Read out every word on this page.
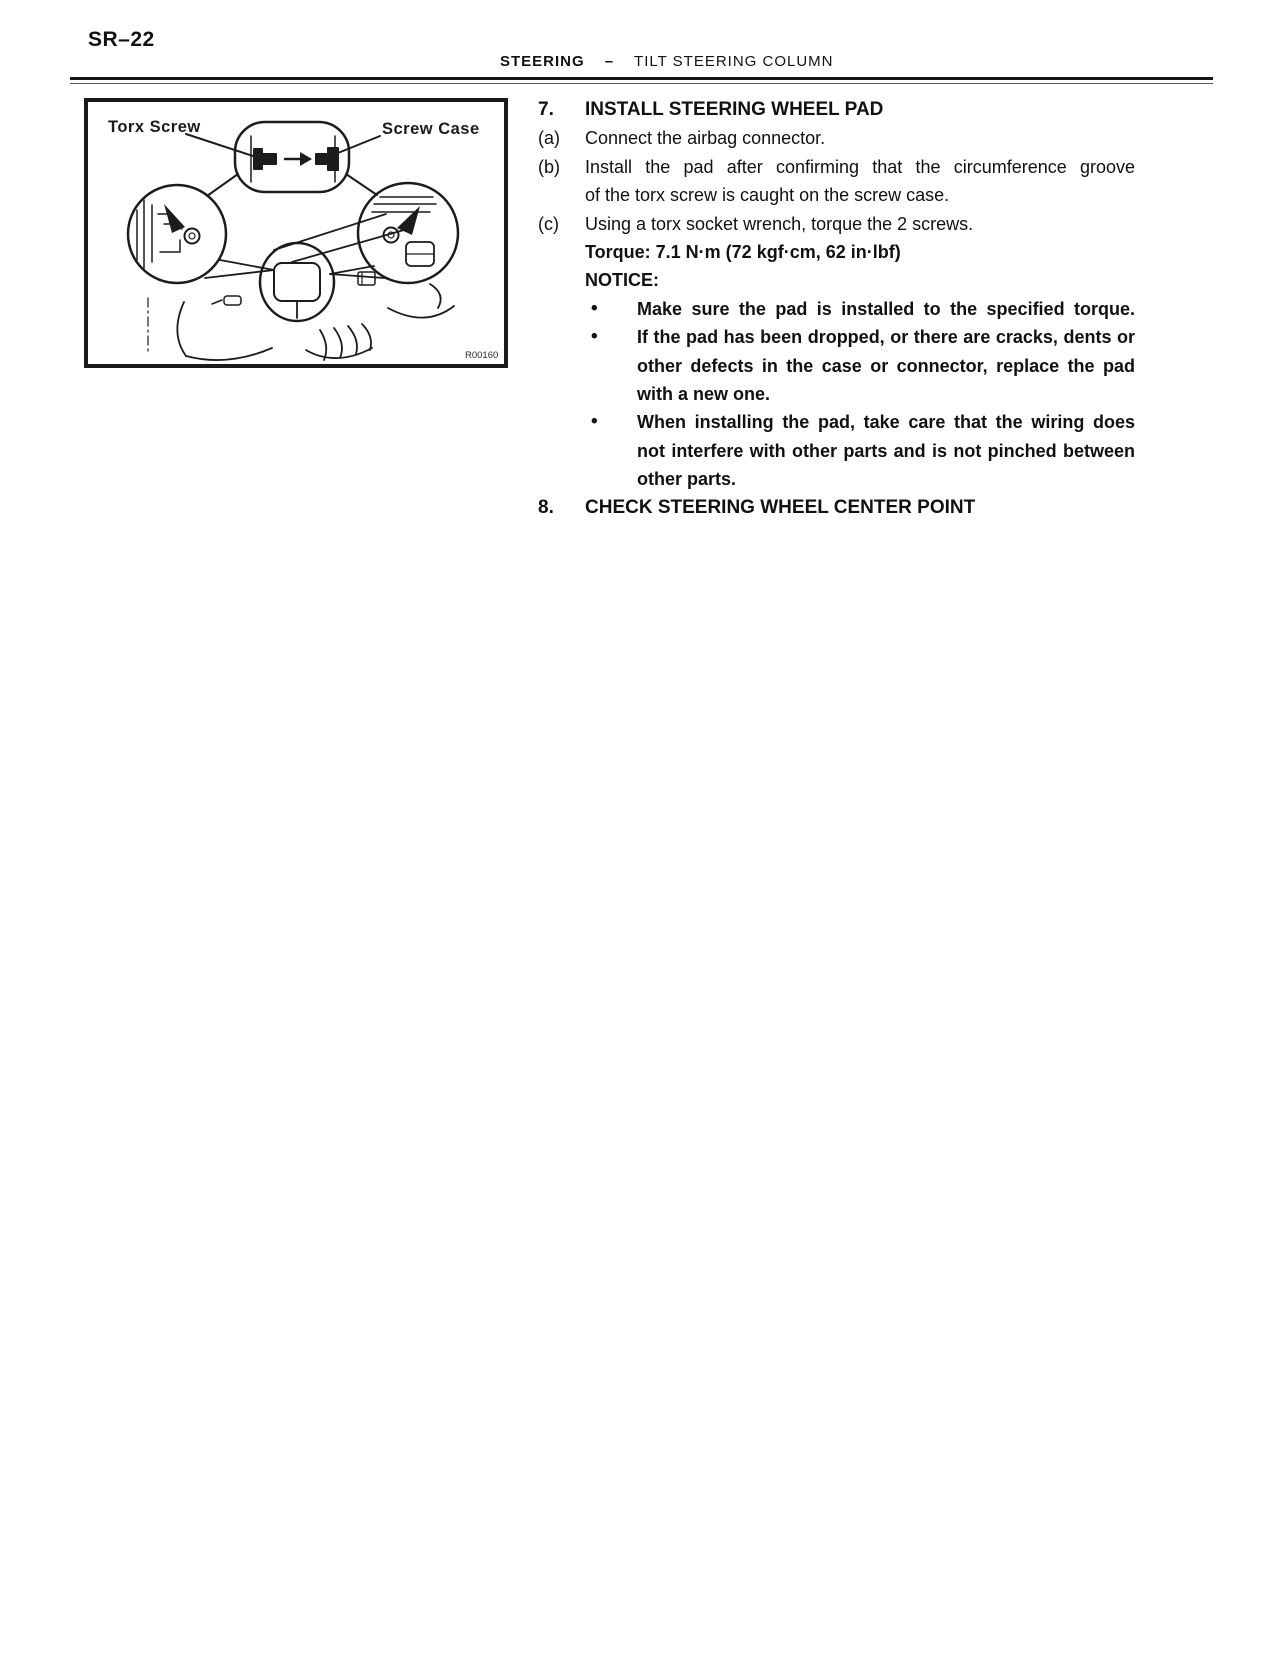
SR–22
STEERING – TILT STEERING COLUMN
Torx Screw	Screw Case
R00160
7.	INSTALL STEERING WHEEL PAD
(a)	Connect the airbag connector.
(b)	Install the pad after confirming that the circumference groove
of the torx screw is caught on the screw case.
(c)	Using a torx socket wrench, torque the 2 screws.
Torque: 7.1 N·m (72 kgf·cm, 62 in·lbf)
NOTICE:
•	Make sure the pad is installed to the specified torque.
•	If the pad has been dropped, or there are cracks, dents or
other defects in the case or connector, replace the pad
with a new one.
•	When installing the pad, take care that the wiring does
not interfere with other parts and is not pinched between
other parts.
8.	CHECK STEERING WHEEL CENTER POINT
